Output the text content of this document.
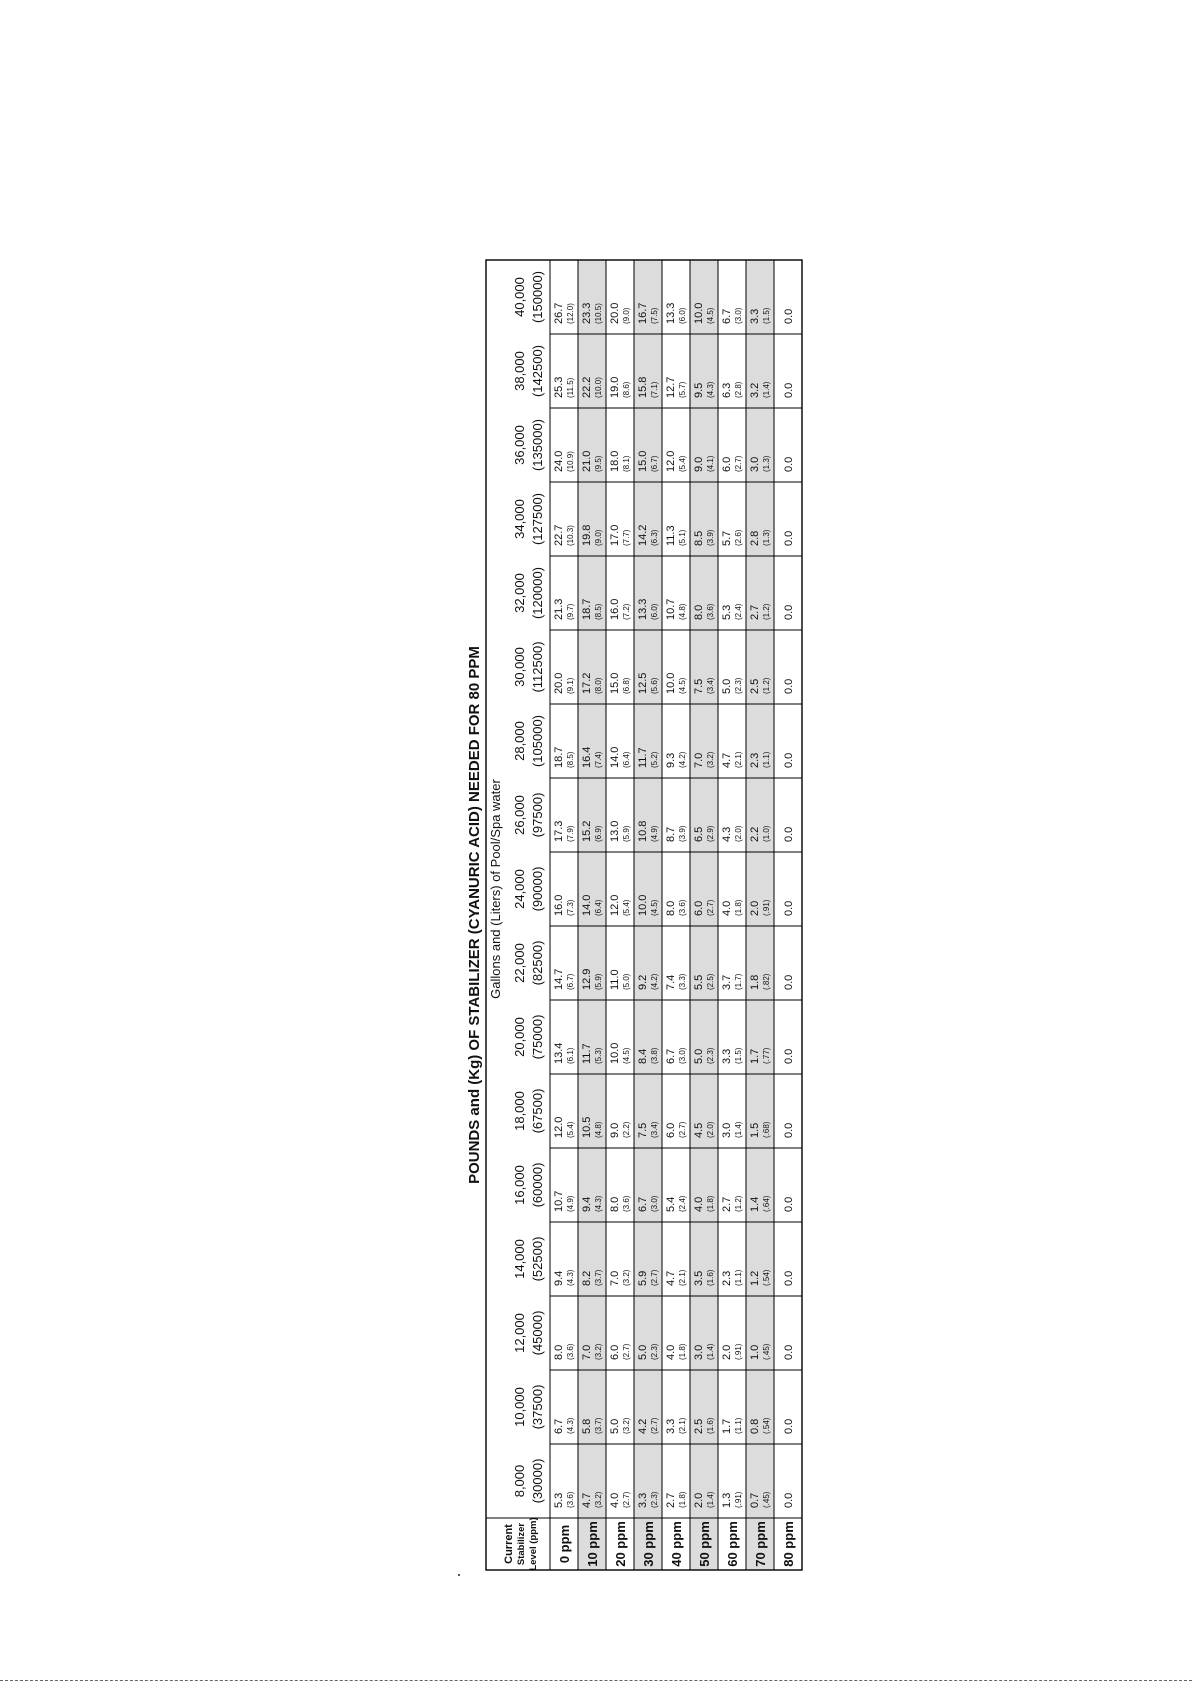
POUNDS and (Kg) OF STABILIZER (CYANURIC ACID) NEEDED FOR 80 PPM Gallons and (Liters) of Pool/Spa water
Current Stabilizer Level (ppm)
8,000 (30000)
10,000 (37500)
12,000 (45000)
14,000 (52500)
16,000 (60000)
18,000 (67500)
20,000 (75000)
22,000 (82500)
24,000 (90000)
26,000 (97500)
28,000 (105000)
30,000 (112500)
32,000 (120000)
34,000 (127500)
36,000 (135000)
38,000 (142500)
40,000 (150000)
0 ppm
5.3 (3.6)
6.7 (4.3)
8.0 (3.6)
9.4 (4.3)
10.7 (4.9)
12.0 (5.4)
13.4 (6.1)
14.7 (6.7)
16.0 (7.3)
17.3 (7.9)
18.7 (8.5)
20.0 (9.1)
21.3 (9.7)
22.7 (10.3)
24.0 (10.9)
25.3 (11.5)
26.7 (12.0)
10 ppm
4.7 (3.2)
5.8 (3.7)
7.0 (3.2)
8.2 (3.7)
9.4 (4.3)
10.5 (4.8)
11.7 (5.3)
12.9 (5.9)
14.0 (6.4)
15.2 (6.9)
16.4 (7.4)
17.2 (8.0)
18.7 (8.5)
19.8 (9.0)
21.0 (9.5)
22.2 (10.0)
23.3 (10.5)
20 ppm
4.0 (2.7)
5.0 (3.2)
6.0 (2.7)
7.0 (3.2)
8.0 (3.6)
9.0 (2.2)
10.0 (4.5)
11.0 (5.0)
12.0 (5.4)
13.0 (5.9)
14.0 (6.4)
15.0 (6.8)
16.0 (7.2)
17.0 (7.7)
18.0 (8.1)
19.0 (8.6)
20.0 (9.0)
30 ppm
3.3 (2.3)
4.2 (2.7)
5.0 (2.3)
5.9 (2.7)
6.7 (3.0)
7.5 (3.4)
8.4 (3.8)
9.2 (4.2)
10.0 (4.5)
10.8 (4.9)
11.7 (5.2)
12.5 (5.6)
13.3 (6.0)
14.2 (6.3)
15.0 (6.7)
15.8 (7.1)
16.7 (7.5)
40 ppm
2.7 (1.8)
3.3 (2.1)
4.0 (1.8)
4.7 (2.1)
5.4 (2.4)
6.0 (2.7)
6.7 (3.0)
7.4 (3.3)
8.0 (3.6)
8.7 (3.9)
9.3 (4.2)
10.0 (4.5)
10.7 (4.8)
11.3 (5.1)
12.0 (5.4)
12.7 (5.7)
13.3 (6.0)
50 ppm
2.0 (1.4)
2.5 (1.6)
3.0 (1.4)
3.5 (1.6)
4.0 (1.8)
4.5 (2.0)
5.0 (2.3)
5.5 (2.5)
6.0 (2.7)
6.5 (2.9)
7.0 (3.2)
7.5 (3.4)
8.0 (3.6)
8.5 (3.9)
9.0 (4.1)
9.5 (4.3)
10.0 (4.5)
60 ppm
1.3 (.91)
1.7 (1.1)
2.0 (.91)
2.3 (1.1)
2.7 (1.2)
3.0 (1.4)
3.3 (1.5)
3.7 (1.7)
4.0 (1.8)
4.3 (2.0)
4.7 (2.1)
5.0 (2.3)
5.3 (2.4)
5.7 (2.6)
6.0 (2.7)
6.3 (2.8)
6.7 (3.0)
70 ppm
0.7 (.45)
0.8 (.54)
1.0 (.45)
1.2 (.54)
1.4 (.64)
1.5 (.68)
1.7 (.77)
1.8 (.82)
2.0 (.91)
2.2 (1.0)
2.3 (1.1)
2.5 (1.2)
2.7 (1.2)
2.8 (1.3)
3.0 (1.3)
3.2 (1.4)
3.3 (1.5)
80 ppm
0.0
0.0
0.0
0.0
0.0
0.0
0.0
0.0
0.0
0.0
0.0
0.0
0.0
0.0
0.0
0.0
0.0
